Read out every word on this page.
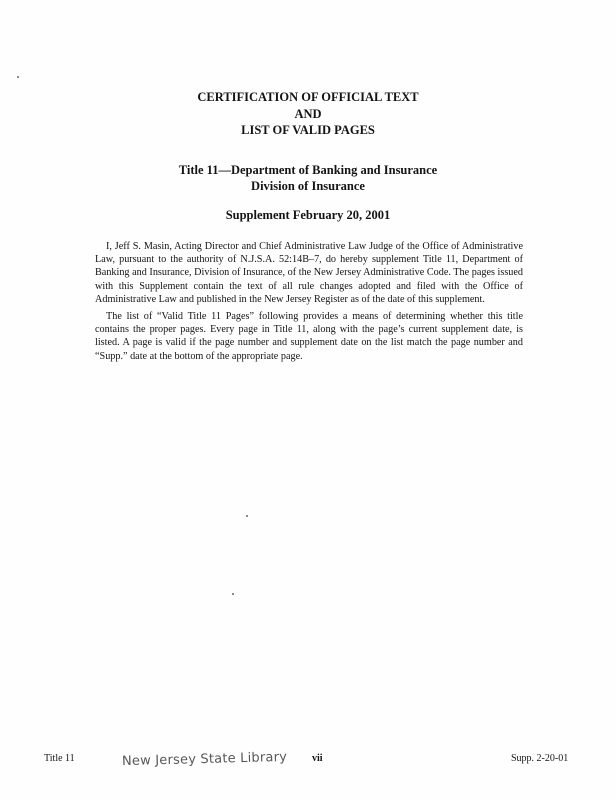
CERTIFICATION OF OFFICIAL TEXT
AND
LIST OF VALID PAGES
Title 11—Department of Banking and Insurance
Division of Insurance
Supplement February 20, 2001

I, Jeff S. Masin, Acting Director and Chief Administrative Law Judge of the Office of Administrative Law, pursuant to the authority of N.J.S.A. 52:14B–7, do hereby supplement Title 11, Department of Banking and Insurance, Division of Insurance, of the New Jersey Administrative Code. The pages issued with this Supplement contain the text of all rule changes adopted and filed with the Office of Administrative Law and published in the New Jersey Register as of the date of this supplement.

The list of “Valid Title 11 Pages” following provides a means of determining whether this title contains the proper pages. Every page in Title 11, along with the page’s current supplement date, is listed. A page is valid if the page number and supplement date on the list match the page number and “Supp.” date at the bottom of the appropriate page.

Title 11	New Jersey State Library vii	Supp. 2-20-01
